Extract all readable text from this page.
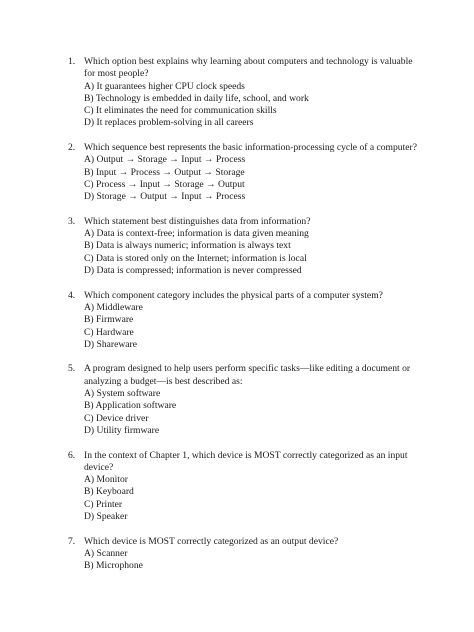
1. Which option best explains why learning about computers and technology is valuable for most people?
A) It guarantees higher CPU clock speeds
B) Technology is embedded in daily life, school, and work
C) It eliminates the need for communication skills
D) It replaces problem-solving in all careers
2. Which sequence best represents the basic information-processing cycle of a computer?
A) Output → Storage → Input → Process
B) Input → Process → Output → Storage
C) Process → Input → Storage → Output
D) Storage → Output → Input → Process
3. Which statement best distinguishes data from information?
A) Data is context-free; information is data given meaning
B) Data is always numeric; information is always text
C) Data is stored only on the Internet; information is local
D) Data is compressed; information is never compressed
4. Which component category includes the physical parts of a computer system?
A) Middleware
B) Firmware
C) Hardware
D) Shareware
5. A program designed to help users perform specific tasks—like editing a document or analyzing a budget—is best described as:
A) System software
B) Application software
C) Device driver
D) Utility firmware
6. In the context of Chapter 1, which device is MOST correctly categorized as an input device?
A) Monitor
B) Keyboard
C) Printer
D) Speaker
7. Which device is MOST correctly categorized as an output device?
A) Scanner
B) Microphone
